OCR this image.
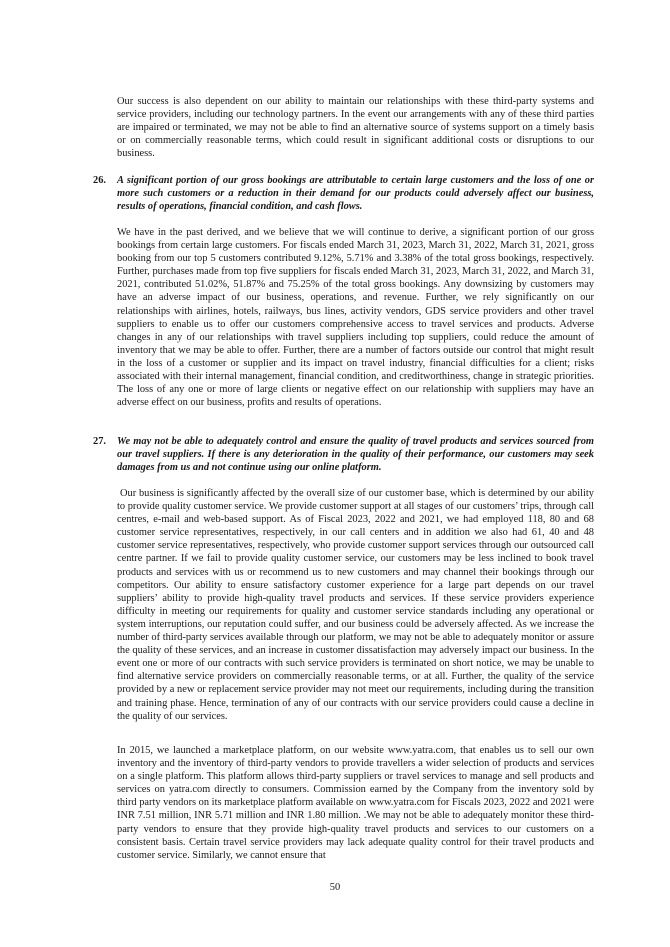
Our success is also dependent on our ability to maintain our relationships with these third-party systems and service providers, including our technology partners. In the event our arrangements with any of these third parties are impaired or terminated, we may not be able to find an alternative source of systems support on a timely basis or on commercially reasonable terms, which could result in significant additional costs or disruptions to our business.

26. A significant portion of our gross bookings are attributable to certain large customers and the loss of one or more such customers or a reduction in their demand for our products could adversely affect our business, results of operations, financial condition, and cash flows.

We have in the past derived, and we believe that we will continue to derive, a significant portion of our gross bookings from certain large customers. For fiscals ended March 31, 2023, March 31, 2022, March 31, 2021, gross booking from our top 5 customers contributed 9.12%, 5.71% and 3.38% of the total gross bookings, respectively. Further, purchases made from top five suppliers for fiscals ended March 31, 2023, March 31, 2022, and March 31, 2021, contributed 51.02%, 51.87% and 75.25% of the total gross bookings. Any downsizing by customers may have an adverse impact of our business, operations, and revenue. Further, we rely significantly on our relationships with airlines, hotels, railways, bus lines, activity vendors, GDS service providers and other travel suppliers to enable us to offer our customers comprehensive access to travel services and products. Adverse changes in any of our relationships with travel suppliers including top suppliers, could reduce the amount of inventory that we may be able to offer. Further, there are a number of factors outside our control that might result in the loss of a customer or supplier and its impact on travel industry, financial difficulties for a client; risks associated with their internal management, financial condition, and creditworthiness, change in strategic priorities. The loss of any one or more of large clients or negative effect on our relationship with suppliers may have an adverse effect on our business, profits and results of operations.

27. We may not be able to adequately control and ensure the quality of travel products and services sourced from our travel suppliers. If there is any deterioration in the quality of their performance, our customers may seek damages from us and not continue using our online platform.

Our business is significantly affected by the overall size of our customer base, which is determined by our ability to provide quality customer service. We provide customer support at all stages of our customers’ trips, through call centres, e-mail and web-based support. As of Fiscal 2023, 2022 and 2021, we had employed 118, 80 and 68 customer service representatives, respectively, in our call centers and in addition we also had 61, 40 and 48 customer service representatives, respectively, who provide customer support services through our outsourced call centre partner. If we fail to provide quality customer service, our customers may be less inclined to book travel products and services with us or recommend us to new customers and may channel their bookings through our competitors. Our ability to ensure satisfactory customer experience for a large part depends on our travel suppliers’ ability to provide high-quality travel products and services. If these service providers experience difficulty in meeting our requirements for quality and customer service standards including any operational or system interruptions, our reputation could suffer, and our business could be adversely affected. As we increase the number of third-party services available through our platform, we may not be able to adequately monitor or assure the quality of these services, and an increase in customer dissatisfaction may adversely impact our business. In the event one or more of our contracts with such service providers is terminated on short notice, we may be unable to find alternative service providers on commercially reasonable terms, or at all. Further, the quality of the service provided by a new or replacement service provider may not meet our requirements, including during the transition and training phase. Hence, termination of any of our contracts with our service providers could cause a decline in the quality of our services.

In 2015, we launched a marketplace platform, on our website www.yatra.com, that enables us to sell our own inventory and the inventory of third-party vendors to provide travellers a wider selection of products and services on a single platform. This platform allows third-party suppliers or travel services to manage and sell products and services on yatra.com directly to consumers. Commission earned by the Company from the inventory sold by third party vendors on its marketplace platform available on www.yatra.com for Fiscals 2023, 2022 and 2021 were INR 7.51 million, INR 5.71 million and INR 1.80 million. .We may not be able to adequately monitor these third-party vendors to ensure that they provide high-quality travel products and services to our customers on a consistent basis. Certain travel service providers may lack adequate quality control for their travel products and customer service. Similarly, we cannot ensure that

50
